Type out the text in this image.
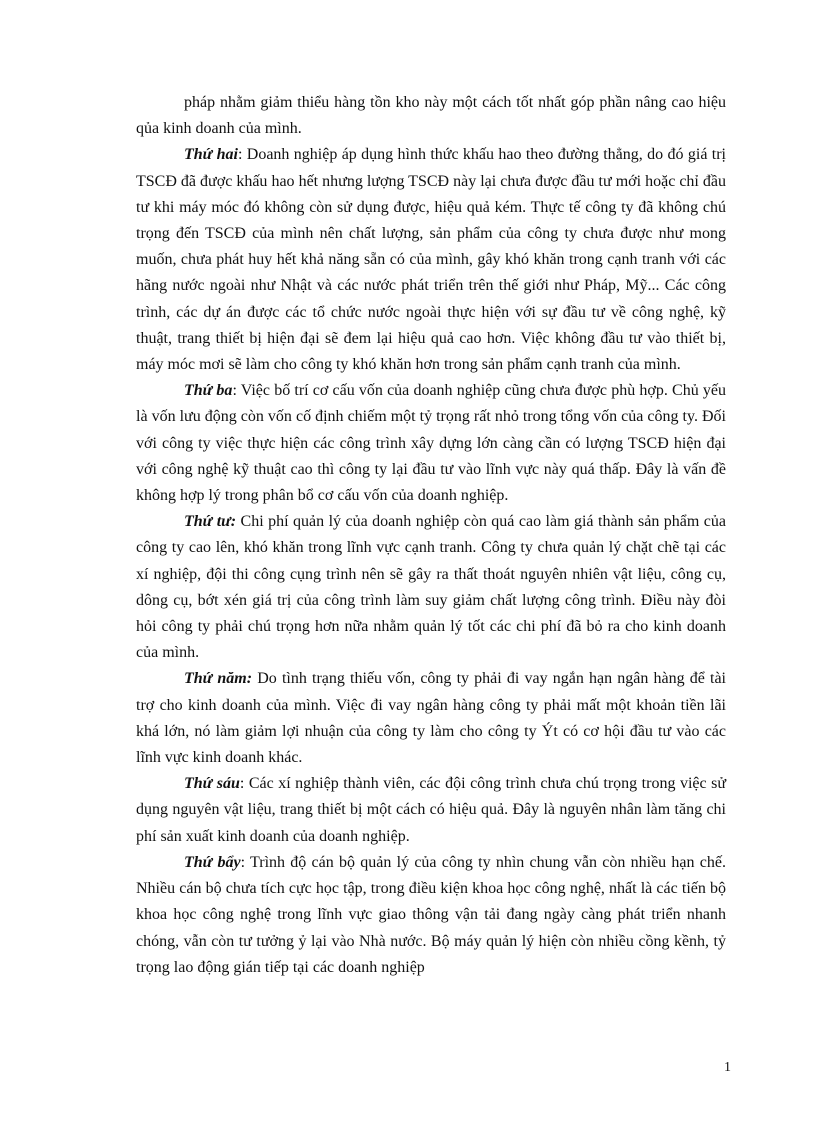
pháp nhằm giảm thiểu hàng tồn kho này một cách tốt nhất góp phần nâng cao hiệu qủa kinh doanh của mình.

Thứ hai: Doanh nghiệp áp dụng hình thức khấu hao theo đường thẳng, do đó giá trị TSCĐ đã được khấu hao hết nhưng lượng TSCĐ này lại chưa được đầu tư mới hoặc chỉ đầu tư khi máy móc đó không còn sử dụng được, hiệu quả kém. Thực tế công ty đã không chú trọng đến TSCĐ của mình nên chất lượng, sản phẩm của công ty chưa được như mong muốn, chưa phát huy hết khả năng sẵn có của mình, gây khó khăn trong cạnh tranh với các hãng nước ngoài như Nhật và các nước phát triển trên thế giới như Pháp, Mỹ... Các công trình, các dự án được các tổ chức nước ngoài thực hiện với sự đầu tư về công nghệ, kỹ thuật, trang thiết bị hiện đại sẽ đem lại hiệu quả cao hơn. Việc không đầu tư vào thiết bị, máy móc mơi sẽ làm cho công ty khó khăn hơn trong sản phẩm cạnh tranh của mình.

Thứ ba: Việc bố trí cơ cấu vốn của doanh nghiệp cũng chưa được phù hợp. Chủ yếu là vốn lưu động còn vốn cố định chiếm một tỷ trọng rất nhỏ trong tổng vốn của công ty. Đối với công ty việc thực hiện các công trình xây dựng lớn càng cần có lượng TSCĐ hiện đại với công nghệ kỹ thuật cao thì công ty lại đầu tư vào lĩnh vực này quá thấp. Đây là vấn đề không hợp lý trong phân bổ cơ cấu vốn của doanh nghiệp.

Thứ tư: Chi phí quản lý của doanh nghiệp còn quá cao làm giá thành sản phẩm của công ty cao lên, khó khăn trong lĩnh vực cạnh tranh. Công ty chưa quản lý chặt chẽ tại các xí nghiệp, đội thi công cụng trình nên sẽ gây ra thất thoát nguyên nhiên vật liệu, công cụ, dông cụ, bớt xén giá trị của công trình làm suy giảm chất lượng công trình. Điều này đòi hỏi công ty phải chú trọng hơn nữa nhằm quản lý tốt các chi phí đã bỏ ra cho kinh doanh của mình.

Thứ năm: Do tình trạng thiếu vốn, công ty phải đi vay ngắn hạn ngân hàng để tài trợ cho kinh doanh của mình. Việc đi vay ngân hàng công ty phải mất một khoản tiền lãi khá lớn, nó làm giảm lợi nhuận của công ty làm cho công ty Ýt có cơ hội đầu tư vào các lĩnh vực kinh doanh khác.

Thứ sáu: Các xí nghiệp thành viên, các đội công trình chưa chú trọng trong việc sử dụng nguyên vật liệu, trang thiết bị một cách có hiệu quả. Đây là nguyên nhân làm tăng chi phí sản xuất kinh doanh của doanh nghiệp.

Thứ bẩy: Trình độ cán bộ quản lý của công ty nhìn chung vẫn còn nhiều hạn chế. Nhiều cán bộ chưa tích cực học tập, trong điều kiện khoa học công nghệ, nhất là các tiến bộ khoa học công nghệ trong lĩnh vực giao thông vận tải đang ngày càng phát triển nhanh chóng, vẫn còn tư tưởng ỷ lại vào Nhà nước. Bộ máy quản lý hiện còn nhiều cồng kềnh, tỷ trọng lao động gián tiếp tại các doanh nghiệp

1
